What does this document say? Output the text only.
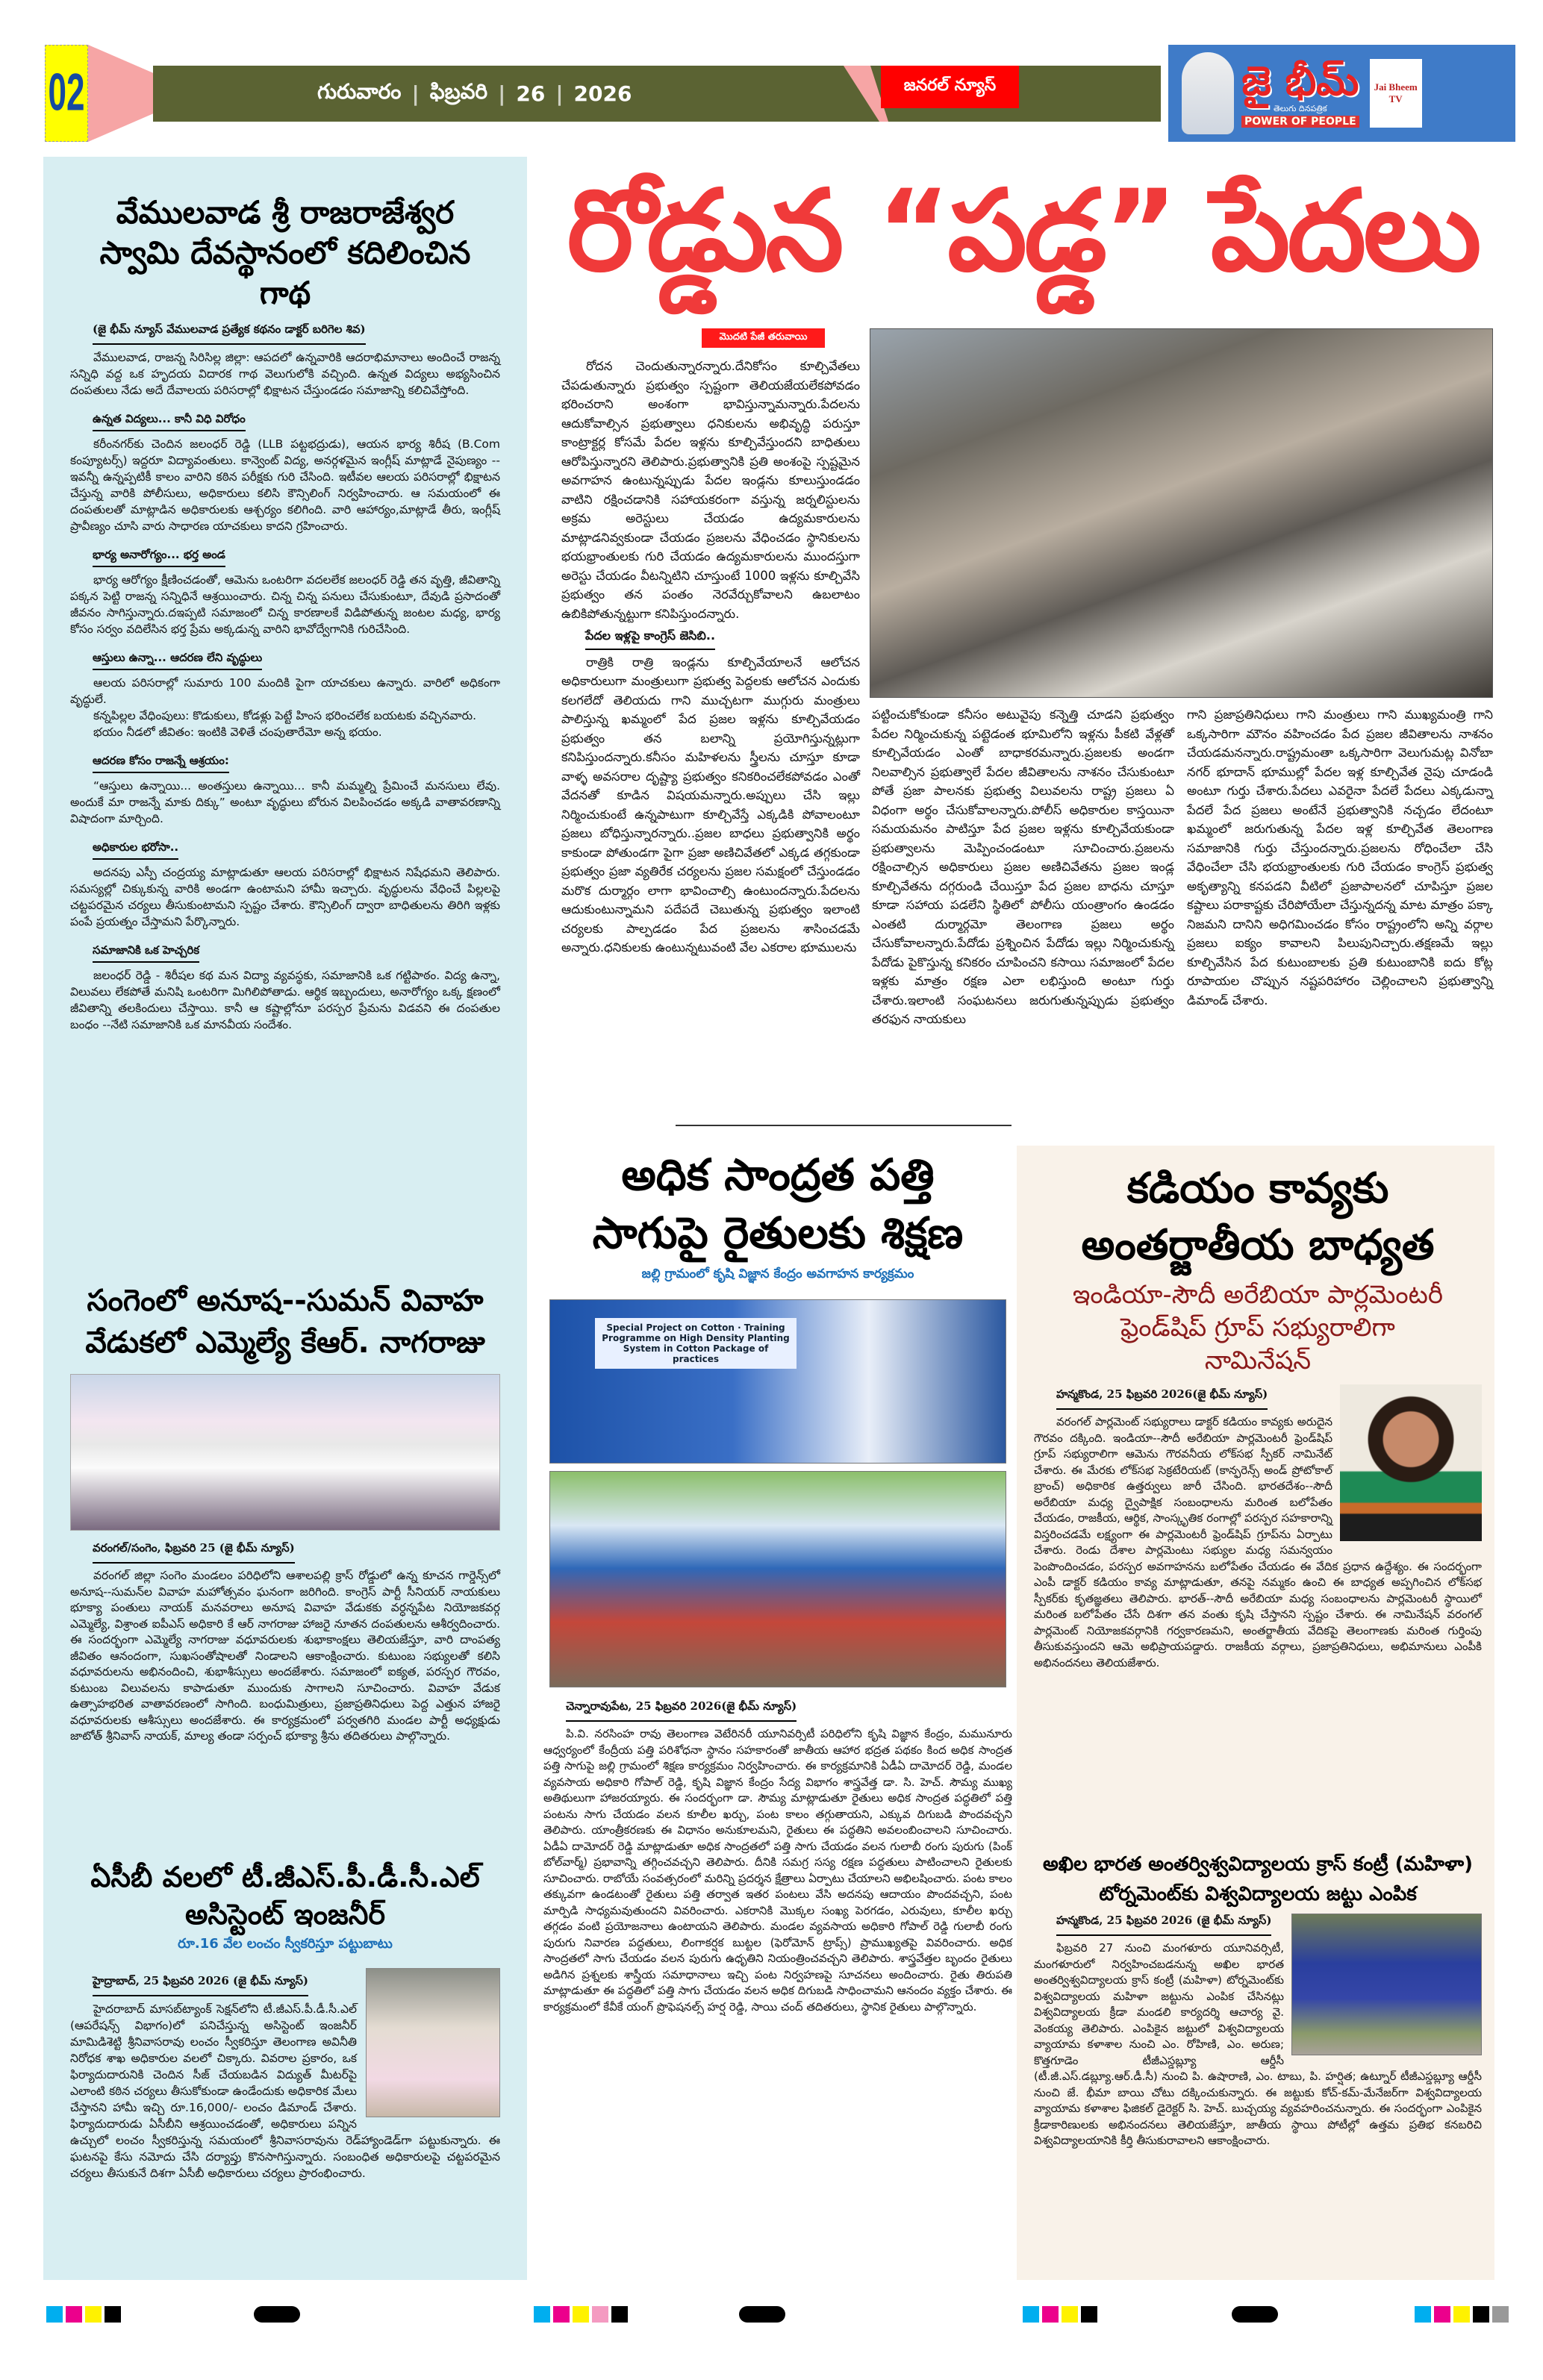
02	గురువారం | ఫిబ్రవరి | 26 | 2026	జనరల్ న్యూస్	జై భీమ్
తెలుగు దినపత్రిక
POWER OF PEOPLE
Jai Bheem TV
వేములవాడ శ్రీ రాజరాజేశ్వర స్వామి దేవస్థానంలో కదిలించిన గాథ
(జై భీమ్ న్యూస్ వేములవాడ ప్రత్యేక కథనం డాక్టర్ బరిగెల శివ)

వేములవాడ, రాజన్న సిరిసిల్ల జిల్లా: ఆపదలో ఉన్నవారికి ఆదరాభిమానాలు అందించే రాజన్న సన్నిధి వద్ద ఒక హృదయ విదారక గాథ వెలుగులోకి వచ్చింది. ఉన్నత విద్యలు అభ్యసించిన దంపతులు నేడు అదే దేవాలయ పరిసరాల్లో భిక్షాటన చేస్తుండడం సమాజాన్ని కలిచివేస్తోంది.

ఉన్నత విద్యలు... కానీ విధి విరోధం

కరీంనగర్‌కు చెందిన జలంధర్ రెడ్డి (LLB పట్టభద్రుడు), ఆయన భార్య శిరీష (B.Com కంప్యూటర్స్) ఇద్దరూ విద్యావంతులు. కాన్వెంట్ విద్య, అనర్గళమైన ఇంగ్లీష్ మాట్లాడే నైపుణ్యం -- ఇవన్నీ ఉన్నప్పటికీ కాలం వారిని కఠిన పరీక్షకు గురి చేసింది. ఇటీవల ఆలయ పరిసరాల్లో భిక్షాటన చేస్తున్న వారికి పోలీసులు, అధికారులు కలిసి కౌన్సిలింగ్ నిర్వహించారు. ఆ సమయంలో ఈ దంపతులతో మాట్లాడిన అధికారులకు ఆశ్చర్యం కలిగింది. వారి ఆహార్యం,మాట్లాడే తీరు, ఇంగ్లీష్ ప్రావీణ్యం చూసి వారు సాధారణ యాచకులు కాదని గ్రహించారు.

భార్య అనారోగ్యం... భర్త అండ

భార్య ఆరోగ్యం క్షీణించడంతో, ఆమెను ఒంటరిగా వదలలేక జలంధర్ రెడ్డి తన వృత్తి, జీవితాన్ని పక్కన పెట్టి రాజన్న సన్నిధినే ఆశ్రయించారు. చిన్న చిన్న పనులు చేసుకుంటూ, దేవుడి ప్రసాదంతో జీవనం సాగిస్తున్నారు.దఇప్పటి సమాజంలో చిన్న కారణాలకే విడిపోతున్న జంటల మధ్య, భార్య కోసం సర్వం వదిలేసిన భర్త ప్రేమ అక్కడున్న వారిని భావోద్వేగానికి గురిచేసింది.

ఆస్తులు ఉన్నా... ఆదరణ లేని వృద్ధులు

ఆలయ పరిసరాల్లో సుమారు 100 మందికి పైగా యాచకులు ఉన్నారు. వారిలో అధికంగా వృద్ధులే.

కన్నపిల్లల వేధింపులు: కొడుకులు, కోడళ్లు పెట్టే హింస భరించలేక బయటకు వచ్చినవారు.

భయం నీడలో జీవితం: ఇంటికి వెళితే చంపుతారేమో అన్న భయం.

ఆదరణ కోసం రాజన్నే ఆశ్రయం:

“ఆస్తులు ఉన్నాయి... అంతస్తులు ఉన్నాయి... కానీ మమ్మల్ని ప్రేమించే మనసులు లేవు. అందుకే మా రాజన్నే మాకు దిక్కు” అంటూ వృద్ధులు బోరున విలపించడం అక్కడి వాతావరణాన్ని విషాదంగా మార్చింది.

అధికారుల భరోసా..

అదనపు ఎస్పీ చంద్రయ్య మాట్లాడుతూ ఆలయ పరిసరాల్లో భిక్షాటన నిషేధమని తెలిపారు. సమస్యల్లో చిక్కుకున్న వారికి అండగా ఉంటామని హామీ ఇచ్చారు. వృద్ధులను వేధించే పిల్లలపై చట్టపరమైన చర్యలు తీసుకుంటామని స్పష్టం చేశారు. కౌన్సిలింగ్ ద్వారా బాధితులను తిరిగి ఇళ్లకు పంపే ప్రయత్నం చేస్తామని పేర్కొన్నారు.

సమాజానికి ఒక హెచ్చరిక

జలంధర్ రెడ్డి - శిరీషల కథ మన విద్యా వ్యవస్థకు, సమాజానికి ఒక గట్టిపాఠం. విద్య ఉన్నా, విలువలు లేకపోతే మనిషి ఒంటరిగా మిగిలిపోతాడు. ఆర్థిక ఇబ్బందులు, అనారోగ్యం ఒక్క క్షణంలో జీవితాన్ని తలకిందులు చేస్తాయి. కానీ ఆ కష్టాల్లోనూ పరస్పర ప్రేమను విడవని ఈ దంపతుల బంధం --నేటి సమాజానికి ఒక మానవీయ సందేశం.

సంగెంలో అనూష--సుమన్ వివాహ వేడుకలో ఎమ్మెల్యే కేఆర్. నాగరాజు
వరంగల్/సంగెం, ఫిబ్రవరి 25 (జై భీమ్ న్యూస్)

వరంగల్ జిల్లా సంగెం మండలం పరిధిలోని ఆశాలపల్లి క్రాస్ రోడ్డులో ఉన్న కూచన గార్డెన్స్‌లో అనూష--సుమన్‌ల వివాహ మహోత్సవం ఘనంగా జరిగింది. కాంగ్రెస్ పార్టీ సీనియర్ నాయకులు భూక్యా పంతులు నాయక్ మనవరాలు అనూష వివాహ వేడుకకు వర్ధన్నపేట నియోజకవర్గ ఎమ్మెల్యే, విశ్రాంత ఐపీఎస్ అధికారి కే ఆర్ నాగరాజు హాజరై నూతన దంపతులను ఆశీర్వదించారు. ఈ సందర్భంగా ఎమ్మెల్యే నాగరాజు వధూవరులకు శుభాకాంక్షలు తెలియజేస్తూ, వారి దాంపత్య జీవితం ఆనందంగా, సుఖసంతోషాలతో నిండాలని ఆకాంక్షించారు. కుటుంబ సభ్యులతో కలిసి వధూవరులను అభినందించి, శుభాశీస్సులు అందజేశారు. సమాజంలో ఐక్యత, పరస్పర గౌరవం, కుటుంబ విలువలను కాపాడుతూ ముందుకు సాగాలని సూచించారు. వివాహ వేడుక ఉత్సాహభరిత వాతావరణంలో సాగింది. బంధుమిత్రులు, ప్రజాప్రతినిధులు పెద్ద ఎత్తున హాజరై వధూవరులకు ఆశీస్సులు అందజేశారు. ఈ కార్యక్రమంలో పర్వతగిరి మండల పార్టీ అధ్యక్షుడు జాటోత్ శ్రీనివాస్ నాయక్, మాల్య తండా సర్పంచ్ భూక్యా శ్రీను తదితరులు పాల్గొన్నారు.

ఏసీబీ వలలో టీ.జీఎస్.పీ.డీ.సీ.ఎల్ అసిస్టెంట్ ఇంజనీర్
రూ.16 వేల లంచం స్వీకరిస్తూ పట్టుబాటు
హైద్రాబాద్, 25 ఫిబ్రవరి 2026 (జై భీమ్ న్యూస్)

హైదరాబాద్ మాసబ్‌ట్యాంక్ సెక్షన్‌లోని టీ.జీఎస్.పీ.డీ.సీ.ఎల్ (ఆపరేషన్స్ విభాగం)లో పనిచేస్తున్న అసిస్టెంట్ ఇంజనీర్ మామిడిశెట్టి శ్రీనివాసరావు లంచం స్వీకరిస్తూ తెలంగాణ అవినీతి నిరోధక శాఖ అధికారుల వలలో చిక్కారు. వివరాల ప్రకారం, ఒక ఫిర్యాదుదారునికి చెందిన సీజ్ చేయబడిన విద్యుత్ మీటర్‌పై ఎలాంటి కఠిన చర్యలు తీసుకోకుండా ఉండేందుకు అధికారిక మేలు చేస్తానని హామీ ఇచ్చి రూ.16,000/- లంచం డిమాండ్ చేశారు. ఫిర్యాదుదారుడు ఏసీబీని ఆశ్రయించడంతో, అధికారులు పన్నిన ఉచ్చులో లంచం స్వీకరిస్తున్న సమయంలో శ్రీనివాసరావును రెడ్‌హ్యాండెడ్‌గా పట్టుకున్నారు. ఈ ఘటనపై కేసు నమోదు చేసి దర్యాప్తు కొనసాగిస్తున్నారు. సంబంధిత అధికారులపై చట్టపరమైన చర్యలు తీసుకునే దిశగా ఏసీబీ అధికారులు చర్యలు ప్రారంభించారు.

రోడ్డున “పడ్డ” పేదలు
మొదటి పేజీ తరువాయి

రోదన చెందుతున్నారన్నారు.దేనికోసం కూల్చివేతలు చేపడుతున్నారు ప్రభుత్వం స్పష్టంగా తెలియజేయలేకపోవడం భరించరాని అంశంగా భావిస్తున్నామన్నారు.పేదలను ఆదుకోవాల్సిన ప్రభుత్వాలు ధనికులను అభివృద్ధి పరుస్తూ కాంట్రాక్టర్ల కోసమే పేదల ఇళ్లను కూల్చివేస్తుందని బాధితులు ఆరోపిస్తున్నారని తెలిపారు.ప్రభుత్వానికి ప్రతి అంశంపై స్పష్టమైన అవగాహన ఉంటున్నప్పుడు పేదల ఇండ్లను కూలుస్తుండడం వాటిని రక్షించడానికి సహాయకరంగా వస్తున్న జర్నలిస్టులను అక్రమ అరెస్టులు చేయడం ఉద్యమకారులను మాట్లాడనివ్వకుండా చేయడం ప్రజలను వేధించడం స్థానికులను భయభ్రాంతులకు గురి చేయడం ఉద్యమకారులను ముందస్తుగా అరెస్టు చేయడం వీటన్నిటిని చూస్తుంటే 1000 ఇళ్లను కూల్చివేసి ప్రభుత్వం తన పంతం నెరవేర్చుకోవాలని ఉబలాటం ఉబికిపోతున్నట్టుగా కనిపిస్తుందన్నారు.

పేదల ఇళ్లపై కాంగ్రెస్ జెసిబి..

రాత్రికి రాత్రి ఇండ్లను కూల్చివేయాలనే ఆలోచన అధికారులుగా మంత్రులుగా ప్రభుత్వ పెద్దలకు ఆలోచన ఎందుకు కలగలేదో తెలియదు గాని ముచ్చటగా ముగ్గురు మంత్రులు పాలిస్తున్న ఖమ్మంలో పేద ప్రజల ఇళ్లను కూల్చివేయడం ప్రభుత్వం తన బలాన్ని ప్రయోగిస్తున్నట్లుగా కనిపిస్తుందన్నారు.కనీసం మహిళలను స్త్రీలను చూస్తూ కూడా వాళ్ళ అవసరాల దృష్ట్యా ప్రభుత్వం కనికరించలేకపోవడం ఎంతో వేదనతో కూడిన విషయమన్నారు.అప్పులు చేసి ఇల్లు నిర్మించుకుంటే ఉన్నపాటుగా కూల్చివేస్తే ఎక్కడికి పోవాలంటూ ప్రజలు బోధిస్తున్నారన్నారు..ప్రజల బాధలు ప్రభుత్వానికి అర్థం కాకుండా పోతుండగా పైగా ప్రజా అణిచివేతలో ఎక్కడ తగ్గకుండా ప్రభుత్వం ప్రజా వ్యతిరేక చర్యలను ప్రజల సమక్షంలో చేస్తుండడం మరొక దుర్మార్గం లాగా భావించాల్సి ఉంటుందన్నారు.పేదలను ఆదుకుంటున్నామని పదేపదే చెబుతున్న ప్రభుత్వం ఇలాంటి చర్యలకు పాల్పడడం పేద ప్రజలను శాసించడమే అన్నారు.ధనికులకు ఉంటున్నటువంటి వేల ఎకరాల భూములను

పట్టించుకోకుండా కనీసం అటువైపు కన్నెత్తి చూడని ప్రభుత్వం పేదల నిర్మించుకున్న పట్టెడంత భూమిలోని ఇళ్లను పీకటి వేళ్లతో కూల్చివేయడం ఎంతో బాధాకరమన్నారు.ప్రజలకు అండగా నిలవాల్సిన ప్రభుత్వాలే పేదల జీవితాలను నాశనం చేసుకుంటూ పోతే ప్రజా పాలనకు ప్రభుత్వ విలువలను రాష్ట్ర ప్రజలు ఏ విధంగా అర్థం చేసుకోవాలన్నారు.పోలీస్ అధికారుల కాస్తయినా సమయమనం పాటిస్తూ పేద ప్రజల ఇళ్లను కూల్చివేయకుండా ప్రభుత్వాలను మెప్పించండంటూ సూచించారు.ప్రజలను రక్షించాల్సిన అధికారులు ప్రజల అణిచివేతను ప్రజల ఇండ్ల కూల్చివేతను దగ్గరుండి చేయిస్తూ పేద ప్రజల బాధను చూస్తూ కూడా సహాయ పడలేని స్థితిలో పోలీసు యంత్రాంగం ఉండడం ఎంతటి దుర్మార్గమో తెలంగాణ ప్రజలు అర్థం చేసుకోవాలన్నారు.పేదోడు ప్రశ్నించిన పేదోడు ఇల్లు నిర్మించుకున్న పేదోడు పైకొస్తున్న కనికరం చూపించని కసాయి సమాజంలో పేదల ఇళ్లకు మాత్రం రక్షణ ఎలా లభిస్తుంది అంటూ గుర్తు చేశారు.ఇలాంటి సంఘటనలు జరుగుతున్నప్పుడు ప్రభుత్వం తరఫున నాయకులు

గాని ప్రజాప్రతినిధులు గాని మంత్రులు గాని ముఖ్యమంత్రి గాని ఒక్కసారిగా మౌనం వహించడం పేద ప్రజల జీవితాలను నాశనం చేయడమనన్నారు.రాష్ట్రమంతా ఒక్కసారిగా వెలుగుమట్ల వినోబా నగర్ భూదాన్ భూముల్లో పేదల ఇళ్ల కూల్చివేత నైపు చూడండి అంటూ గుర్తు చేశారు.పేదలు ఎవరైనా పేదలే పేదలు ఎక్కడున్నా పేదలే పేద ప్రజలు అంటేనే ప్రభుత్వానికి నచ్చడం లేదంటూ ఖమ్మంలో జరుగుతున్న పేదల ఇళ్ల కూల్చివేత తెలంగాణ సమాజానికి గుర్తు చేస్తుందన్నారు.ప్రజలను రోధించేలా చేసి వేధించేలా చేసి భయభ్రాంతులకు గురి చేయడం కాంగ్రెస్ ప్రభుత్వ అకృత్యాన్ని కనపడని వీటిలో ప్రజాపాలనలో చూపిస్తూ ప్రజల కష్టాలు పరాకాష్టకు చేరిపోయేలా చేస్తున్నదన్న మాట మాత్రం పక్కా నిజమని దానిని అధిగమించడం కోసం రాష్ట్రంలోని అన్ని వర్గాల ప్రజలు ఐక్యం కావాలని పిలుపునిచ్చారు.తక్షణమే ఇల్లు కూల్చివేసిన పేద కుటుంబాలకు ప్రతి కుటుంబానికి ఐదు కోట్ల రూపాయల చొప్పున నష్టపరిహారం చెల్లించాలని ప్రభుత్వాన్ని డిమాండ్ చేశారు.

అధిక సాంద్రత పత్తి సాగుపై రైతులకు శిక్షణ
జల్లి గ్రామంలో కృషి విజ్ఞాన కేంద్రం అవగాహన కార్యక్రమం
Special Project on Cotton · Training Programme on High Density Planting System in Cotton Package of practices
చెన్నారావుపేట, 25 ఫిబ్రవరి 2026(జై భీమ్ న్యూస్)

పి.వి. నరసింహ రావు తెలంగాణ వెటేరినరీ యూనివర్సిటీ పరిధిలోని కృషి విజ్ఞాన కేంద్రం, మమునూరు ఆధ్వర్యంలో కేంద్రీయ పత్తి పరిశోధనా స్థానం సహకారంతో జాతీయ ఆహార భద్రత పథకం కింద అధిక సాంద్రత పత్తి సాగుపై జల్లి గ్రామంలో శిక్షణ కార్యక్రమం నిర్వహించారు. ఈ కార్యక్రమానికి ఏడీఏ దామోదర్ రెడ్డి, మండల వ్యవసాయ అధికారి గోపాల్ రెడ్డి, కృషి విజ్ఞాన కేంద్రం సేద్య విభాగం శాస్త్రవేత్త డా. సి. హెచ్. సౌమ్య ముఖ్య అతిథులుగా హాజరయ్యారు. ఈ సందర్భంగా డా. సౌమ్య మాట్లాడుతూ రైతులు అధిక సాంద్రత పద్ధతిలో పత్తి పంటను సాగు చేయడం వలన కూలీల ఖర్చు, పంట కాలం తగ్గుతాయని, ఎక్కువ దిగుబడి పొందవచ్చని తెలిపారు. యాంత్రీకరణకు ఈ విధానం అనుకూలమని, రైతులు ఈ పద్ధతిని అవలంబించాలని సూచించారు. ఏడీఏ దామోదర్ రెడ్డి మాట్లాడుతూ అధిక సాంద్రతలో పత్తి సాగు చేయడం వలన గులాబీ రంగు పురుగు (పింక్ బోల్‌వార్మ్) ప్రభావాన్ని తగ్గించవచ్చని తెలిపారు. దీనికి సమగ్ర సస్య రక్షణ పద్ధతులు పాటించాలని రైతులకు సూచించారు. రాబోయే సంవత్సరంలో మరిన్ని ప్రదర్శన క్షేత్రాలు ఏర్పాటు చేయాలని అభిలషించారు. పంట కాలం తక్కువగా ఉండటంతో రైతులు పత్తి తర్వాత ఇతర పంటలు వేసి అదనపు ఆదాయం పొందవచ్చని, పంట మార్పిడి సాధ్యమవుతుందని వివరించారు. ఎకరానికి మొక్కల సంఖ్య పెరగడం, ఎరువులు, కూలీల ఖర్చు తగ్గడం వంటి ప్రయోజనాలు ఉంటాయని తెలిపారు. మండల వ్యవసాయ అధికారి గోపాల్ రెడ్డి గులాబీ రంగు పురుగు నివారణ పద్ధతులు, లింగాకర్షక బుట్టల (ఫెరోమోన్ ట్రాప్స్) ప్రాముఖ్యతపై వివరించారు. అధిక సాంద్రతలో సాగు చేయడం వలన పురుగు ఉధృతిని నియంత్రించవచ్చని తెలిపారు. శాస్త్రవేత్తల బృందం రైతులు అడిగిన ప్రశ్నలకు శాస్త్రీయ సమాధానాలు ఇచ్చి పంట నిర్వహణపై సూచనలు అందించారు. రైతు తిరుపతి మాట్లాడుతూ ఈ పద్ధతిలో పత్తి సాగు చేయడం వలన అధిక దిగుబడి సాధించామని ఆనందం వ్యక్తం చేశారు. ఈ కార్యక్రమంలో కేవీకే యంగ్ ప్రొఫెషనల్స్ హర్ష రెడ్డి, సాయి చంద్ తదితరులు, స్థానిక రైతులు పాల్గొన్నారు.

కడియం కావ్యకు అంతర్జాతీయ బాధ్యత
ఇండియా-సౌదీ అరేబియా పార్లమెంటరీ ఫ్రెండ్‌షిప్ గ్రూప్ సభ్యురాలిగా నామినేషన్
హన్మకొండ, 25 ఫిబ్రవరి 2026(జై భీమ్ న్యూస్)

వరంగల్ పార్లమెంట్ సభ్యురాలు డాక్టర్ కడియం కావ్యకు అరుదైన గౌరవం దక్కింది. ఇండియా--సౌదీ అరేబియా పార్లమెంటరీ ఫ్రెండ్‌షిప్ గ్రూప్ సభ్యురాలిగా ఆమెను గౌరవనీయ లోక్‌సభ స్పీకర్ నామినేట్ చేశారు. ఈ మేరకు లోక్‌సభ సెక్రటేరియట్ (కాన్ఫరెన్స్ అండ్ ప్రోటోకాల్ బ్రాంచ్) అధికారిక ఉత్తర్వులు జారీ చేసింది. భారతదేశం--సౌదీ అరేబియా మధ్య ద్వైపాక్షిక సంబంధాలను మరింత బలోపేతం చేయడం, రాజకీయ, ఆర్థిక, సాంస్కృతిక రంగాల్లో పరస్పర సహకారాన్ని విస్తరించడమే లక్ష్యంగా ఈ పార్లమెంటరీ ఫ్రెండ్‌షిప్ గ్రూప్‌ను ఏర్పాటు చేశారు. రెండు దేశాల పార్లమెంటు సభ్యుల మధ్య సమన్వయం పెంపొందించడం, పరస్పర అవగాహనను బలోపేతం చేయడం ఈ వేదిక ప్రధాన ఉద్దేశ్యం. ఈ సందర్భంగా ఎంపీ డాక్టర్ కడియం కావ్య మాట్లాడుతూ, తనపై నమ్మకం ఉంచి ఈ బాధ్యత అప్పగించిన లోక్‌సభ స్పీకర్‌కు కృతజ్ఞతలు తెలిపారు. భారత్--సౌదీ అరేబియా మధ్య సంబంధాలను పార్లమెంటరీ స్థాయిలో మరింత బలోపేతం చేసే దిశగా తన వంతు కృషి చేస్తానని స్పష్టం చేశారు. ఈ నామినేషన్ వరంగల్ పార్లమెంట్ నియోజకవర్గానికి గర్వకారణమని, అంతర్జాతీయ వేదికపై తెలంగాణకు మరింత గుర్తింపు తీసుకువస్తుందని ఆమె అభిప్రాయపడ్డారు. రాజకీయ వర్గాలు, ప్రజాప్రతినిధులు, అభిమానులు ఎంపీకి అభినందనలు తెలియజేశారు.

అఖిల భారత అంతర్విశ్వవిద్యాలయ క్రాస్ కంట్రీ (మహిళా) టోర్నమెంట్‌కు విశ్వవిద్యాలయ జట్టు ఎంపిక
హన్మకొండ, 25 ఫిబ్రవరి 2026 (జై భీమ్ న్యూస్)

ఫిబ్రవరి 27 నుంచి మంగళూరు యూనివర్సిటీ, మంగళూరులో నిర్వహించబడనున్న అఖిల భారత అంతర్విశ్వవిద్యాలయ క్రాస్ కంట్రీ (మహిళా) టోర్నమెంట్‌కు విశ్వవిద్యాలయ మహిళా జట్టును ఎంపిక చేసినట్లు విశ్వవిద్యాలయ క్రీడా మండలి కార్యదర్శి ఆచార్య వై. వెంకయ్య తెలిపారు. ఎంపికైన జట్టులో విశ్వవిద్యాలయ వ్యాయామ కళాశాల నుంచి ఎం. రోహిణి, ఎం. అరుణ; కొత్తగూడెం టీజీఎస్డబ్ల్యూ ఆర్డీసీ (టీ.జీ.ఎస్.డబ్ల్యూ.ఆర్.డీ.సీ) నుంచి పి. ఉషారాణి, ఎం. టాబు, పి. హర్షిత; ఉట్నూర్ టీజీఎస్డబ్ల్యూ ఆర్డీసీ నుంచి జే. భీమా బాయి చోటు దక్కించుకున్నారు. ఈ జట్టుకు కోచ్-కమ్-మేనేజర్‌గా విశ్వవిద్యాలయ వ్యాయామ కళాశాల ఫిజికల్ డైరెక్టర్ సి. హెచ్. బుచ్చయ్య వ్యవహరించనున్నారు. ఈ సందర్భంగా ఎంపికైన క్రీడాకారిణులకు అభినందనలు తెలియజేస్తూ, జాతీయ స్థాయి పోటీల్లో ఉత్తమ ప్రతిభ కనబరిచి విశ్వవిద్యాలయానికి కీర్తి తీసుకురావాలని ఆకాంక్షించారు.
